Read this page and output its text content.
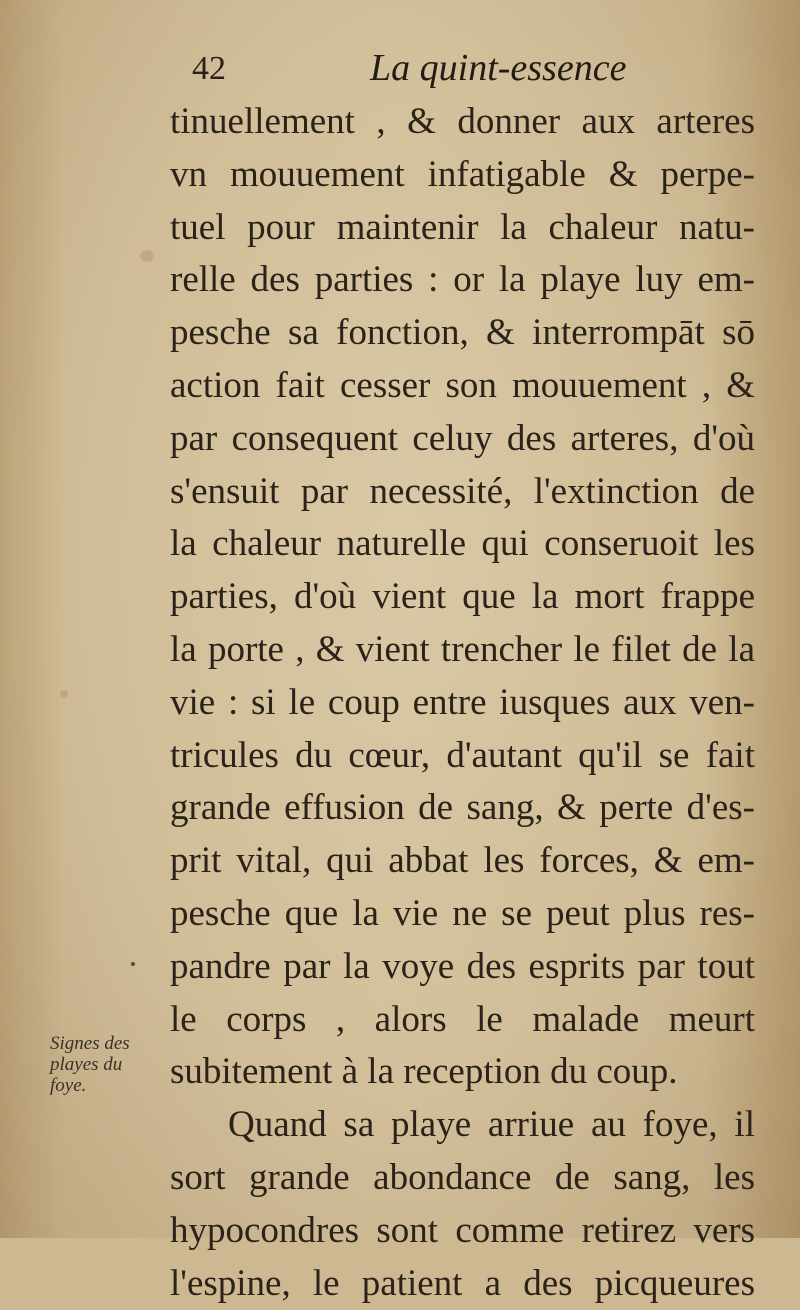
42	La quint-essence
tinuellement , & donner aux arteres
vn mouuement infatigable & perpe-
tuel pour maintenir la chaleur natu-
relle des parties : or la playe luy em-
pesche sa fonction, & interrompāt sō
action fait cesser son mouuement , &
par consequent celuy des arteres, d'où
s'ensuit par necessité, l'extinction de
la chaleur naturelle qui conseruoit les
parties, d'où vient que la mort frappe
la porte , & vient trencher le filet de la
vie : si le coup entre iusques aux ven-
tricules du cœur, d'autant qu'il se fait
grande effusion de sang, & perte d'es-
prit vital, qui abbat les forces, & em-
pesche que la vie ne se peut plus res-
pandre par la voye des esprits par tout
le corps , alors le malade meurt
subitement à la reception du coup.
Quand sa playe arriue au foye, il
sort grande abondance de sang, les
hypocondres sont comme retirez vers
l'espine, le patient a des picqueures
Signes des
playes du
foye.
